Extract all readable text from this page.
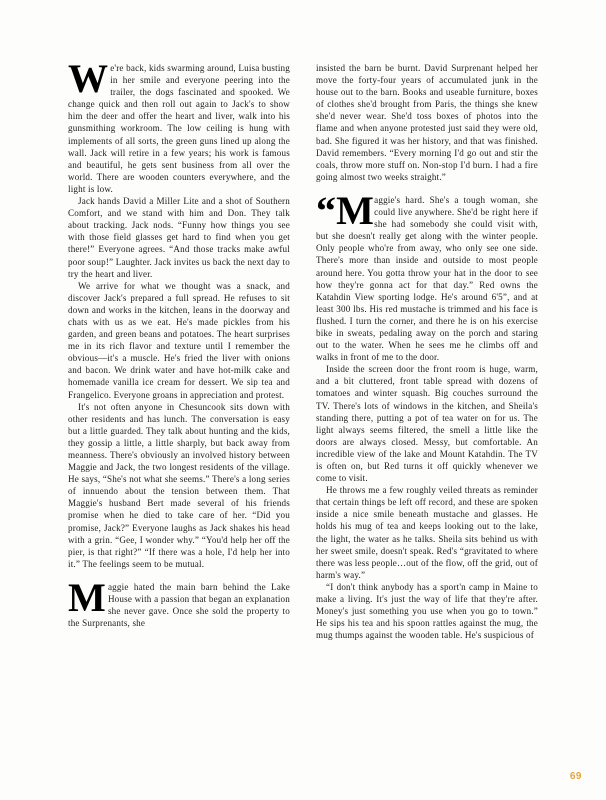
We're back, kids swarming around, Luisa busting in her smile and everyone peering into the trailer, the dogs fascinated and spooked. We change quick and then roll out again to Jack's to show him the deer and offer the heart and liver, walk into his gunsmithing workroom. The low ceiling is hung with implements of all sorts, the green guns lined up along the wall. Jack will retire in a few years; his work is famous and beautiful, he gets sent business from all over the world. There are wooden counters everywhere, and the light is low.

Jack hands David a Miller Lite and a shot of Southern Comfort, and we stand with him and Don. They talk about tracking. Jack nods. “Funny how things you see with those field glasses get hard to find when you get there!” Everyone agrees. “And those tracks make awful poor soup!” Laughter. Jack invites us back the next day to try the heart and liver.

We arrive for what we thought was a snack, and discover Jack's prepared a full spread. He refuses to sit down and works in the kitchen, leans in the doorway and chats with us as we eat. He's made pickles from his garden, and green beans and potatoes. The heart surprises me in its rich flavor and texture until I remember the obvious—it's a muscle. He's fried the liver with onions and bacon. We drink water and have hot-milk cake and homemade vanilla ice cream for dessert. We sip tea and Frangelico. Everyone groans in appreciation and protest.

It's not often anyone in Chesuncook sits down with other residents and has lunch. The conversation is easy but a little guarded. They talk about hunting and the kids, they gossip a little, a little sharply, but back away from meanness. There's obviously an involved history between Maggie and Jack, the two longest residents of the village. He says, “She's not what she seems.” There's a long series of innuendo about the tension between them. That Maggie's husband Bert made several of his friends promise when he died to take care of her. “Did you promise, Jack?” Everyone laughs as Jack shakes his head with a grin. “Gee, I wonder why.” “You'd help her off the pier, is that right?” “If there was a hole, I'd help her into it.” The feelings seem to be mutual.

Maggie hated the main barn behind the Lake House with a passion that began an explanation she never gave. Once she sold the property to the Surprenants, she

insisted the barn be burnt. David Surprenant helped her move the forty-four years of accumulated junk in the house out to the barn. Books and useable furniture, boxes of clothes she'd brought from Paris, the things she knew she'd never wear. She'd toss boxes of photos into the flame and when anyone protested just said they were old, bad. She figured it was her history, and that was finished. David remembers. “Every morning I'd go out and stir the coals, throw more stuff on. Non-stop I'd burn. I had a fire going almost two weeks straight.”

“Maggie's hard. She's a tough woman, she could live anywhere. She'd be right here if she had somebody she could visit with, but she doesn't really get along with the winter people. Only people who're from away, who only see one side. There's more than inside and outside to most people around here. You gotta throw your hat in the door to see how they're gonna act for that day.” Red owns the Katahdin View sporting lodge. He's around 6'5”, and at least 300 lbs. His red mustache is trimmed and his face is flushed. I turn the corner, and there he is on his exercise bike in sweats, pedaling away on the porch and staring out to the water. When he sees me he climbs off and walks in front of me to the door.

Inside the screen door the front room is huge, warm, and a bit cluttered, front table spread with dozens of tomatoes and winter squash. Big couches surround the TV. There's lots of windows in the kitchen, and Sheila's standing there, putting a pot of tea water on for us. The light always seems filtered, the smell a little like the doors are always closed. Messy, but comfortable. An incredible view of the lake and Mount Katahdin. The TV is often on, but Red turns it off quickly whenever we come to visit.

He throws me a few roughly veiled threats as reminder that certain things be left off record, and these are spoken inside a nice smile beneath mustache and glasses. He holds his mug of tea and keeps looking out to the lake, the light, the water as he talks. Sheila sits behind us with her sweet smile, doesn't speak. Red's “gravitated to where there was less people…out of the flow, off the grid, out of harm's way.”

“I don't think anybody has a sport'n camp in Maine to make a living. It's just the way of life that they're after. Money's just something you use when you go to town.” He sips his tea and his spoon rattles against the mug, the mug thumps against the wooden table. He's suspicious of

69
